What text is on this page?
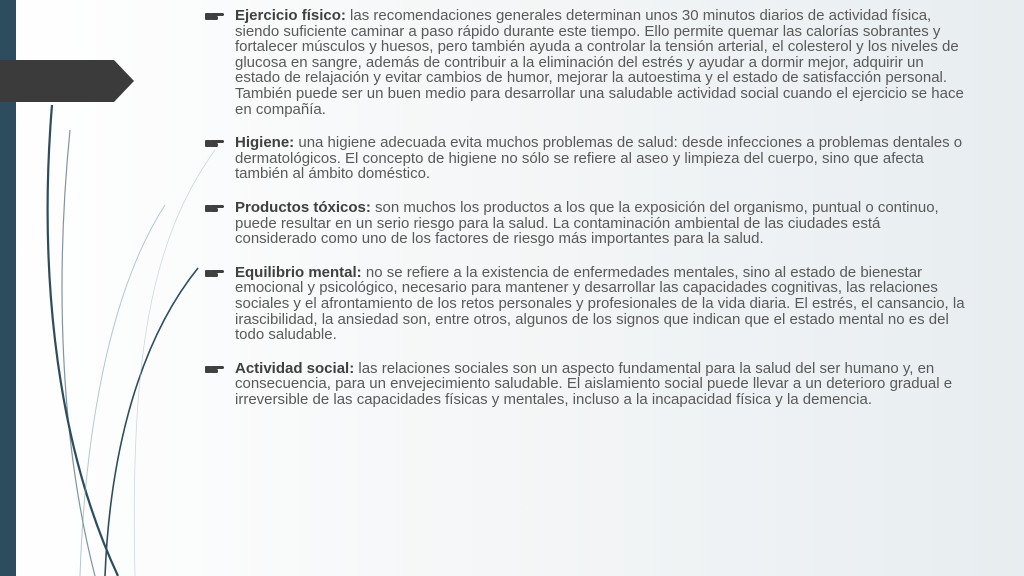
Ejercicio físico: las recomendaciones generales determinan unos 30 minutos diarios de actividad física, siendo suficiente caminar a paso rápido durante este tiempo. Ello permite quemar las calorías sobrantes y fortalecer músculos y huesos, pero también ayuda a controlar la tensión arterial, el colesterol y los niveles de glucosa en sangre, además de contribuir a la eliminación del estrés y ayudar a dormir mejor, adquirir un estado de relajación y evitar cambios de humor, mejorar la autoestima y el estado de satisfacción personal. También puede ser un buen medio para desarrollar una saludable actividad social cuando el ejercicio se hace en compañía.
Higiene: una higiene adecuada evita muchos problemas de salud: desde infecciones a problemas dentales o dermatológicos. El concepto de higiene no sólo se refiere al aseo y limpieza del cuerpo, sino que afecta también al ámbito doméstico.
Productos tóxicos: son muchos los productos a los que la exposición del organismo, puntual o continuo, puede resultar en un serio riesgo para la salud. La contaminación ambiental de las ciudades está considerado como uno de los factores de riesgo más importantes para la salud.
Equilibrio mental: no se refiere a la existencia de enfermedades mentales, sino al estado de bienestar emocional y psicológico, necesario para mantener y desarrollar las capacidades cognitivas, las relaciones sociales y el afrontamiento de los retos personales y profesionales de la vida diaria. El estrés, el cansancio, la irascibilidad, la ansiedad son, entre otros, algunos de los signos que indican que el estado mental no es del todo saludable.
Actividad social: las relaciones sociales son un aspecto fundamental para la salud del ser humano y, en consecuencia, para un envejecimiento saludable. El aislamiento social puede llevar a un deterioro gradual e irreversible de las capacidades físicas y mentales, incluso a la incapacidad física y la demencia.
